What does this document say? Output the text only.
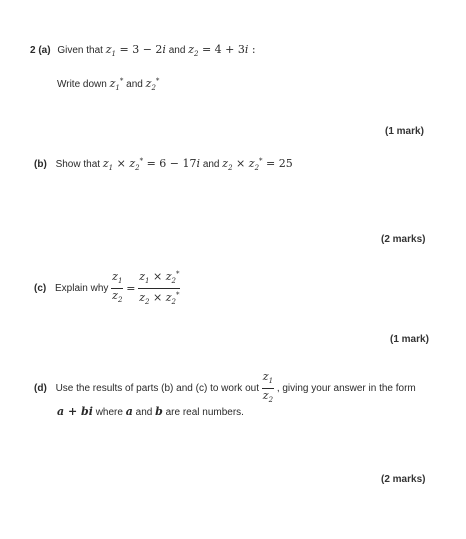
2 (a) Given that $z_1 = 3 - 2i$ and $z_2 = 4 + 3i$ :
Write down $z_1^*$ and $z_2^*$
(1 mark)
(b) Show that $z_1 \times z_2^* = 6 - 17i$ and $z_2 \times z_2^* = 25$
(2 marks)
(c) Explain why $\frac{z_1}{z_2} = \frac{z_1 \times z_2^*}{z_2 \times z_2^*}$
(1 mark)
(d) Use the results of parts (b) and (c) to work out $\frac{z_1}{z_2}$ , giving your answer in the form
a + bi where a and b are real numbers.
(2 marks)
